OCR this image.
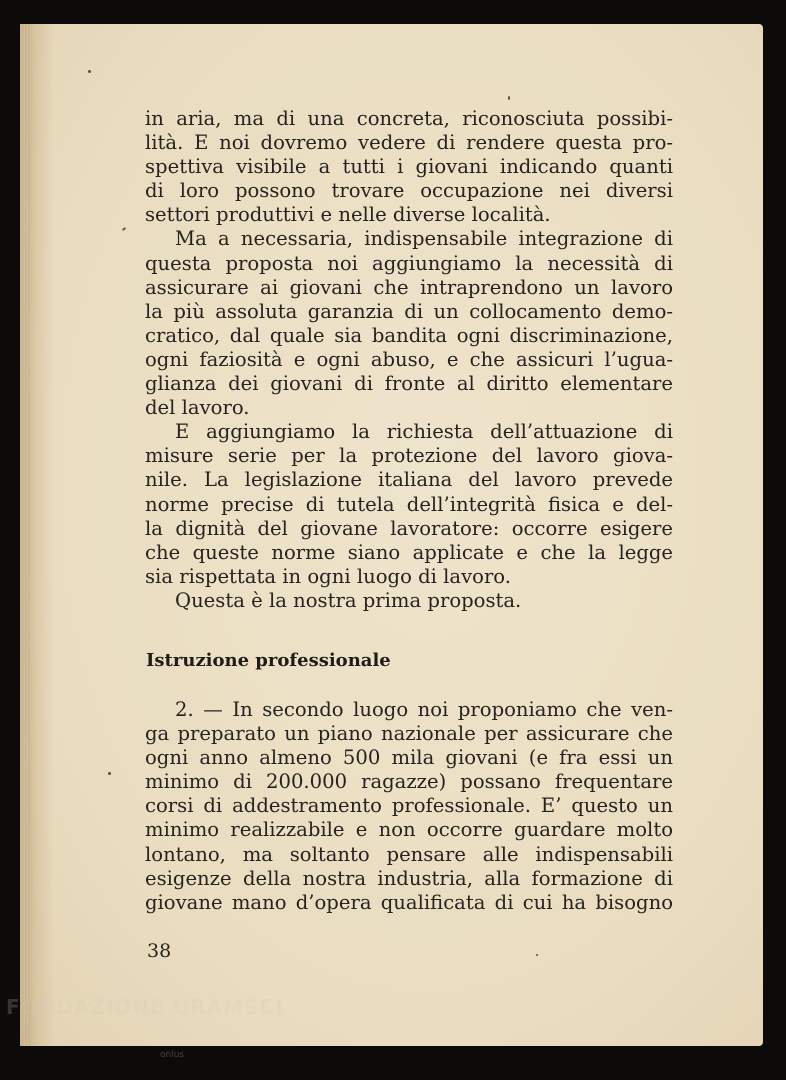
in aria, ma di una concreta, riconosciuta possibi-
lità. E noi dovremo vedere di rendere questa pro-
spettiva visibile a tutti i giovani indicando quanti
di loro possono trovare occupazione nei diversi
settori produttivi e nelle diverse località.
Ma a necessaria, indispensabile integrazione di
questa proposta noi aggiungiamo la necessità di
assicurare ai giovani che intraprendono un lavoro
la più assoluta garanzia di un collocamento demo-
cratico, dal quale sia bandita ogni discriminazione,
ogni faziosità e ogni abuso, e che assicuri l’ugua-
glianza dei giovani di fronte al diritto elementare
del lavoro.
E aggiungiamo la richiesta dell’attuazione di
misure serie per la protezione del lavoro giova-
nile. La legislazione italiana del lavoro prevede
norme precise di tutela dell’integrità fisica e del-
la dignità del giovane lavoratore: occorre esigere
che queste norme siano applicate e che la legge
sia rispettata in ogni luogo di lavoro.
Questa è la nostra prima proposta.
Istruzione professionale
2. — In secondo luogo noi proponiamo che ven-
ga preparato un piano nazionale per assicurare che
ogni anno almeno 500 mila giovani (e fra essi un
minimo di 200.000 ragazze) possano frequentare
corsi di addestramento professionale. E’ questo un
minimo realizzabile e non occorre guardare molto
lontano, ma soltanto pensare alle indispensabili
esigenze della nostra industria, alla formazione di
giovane mano d’opera qualificata di cui ha bisogno
38
FONDAZIONE GRAMSCI
onlus
